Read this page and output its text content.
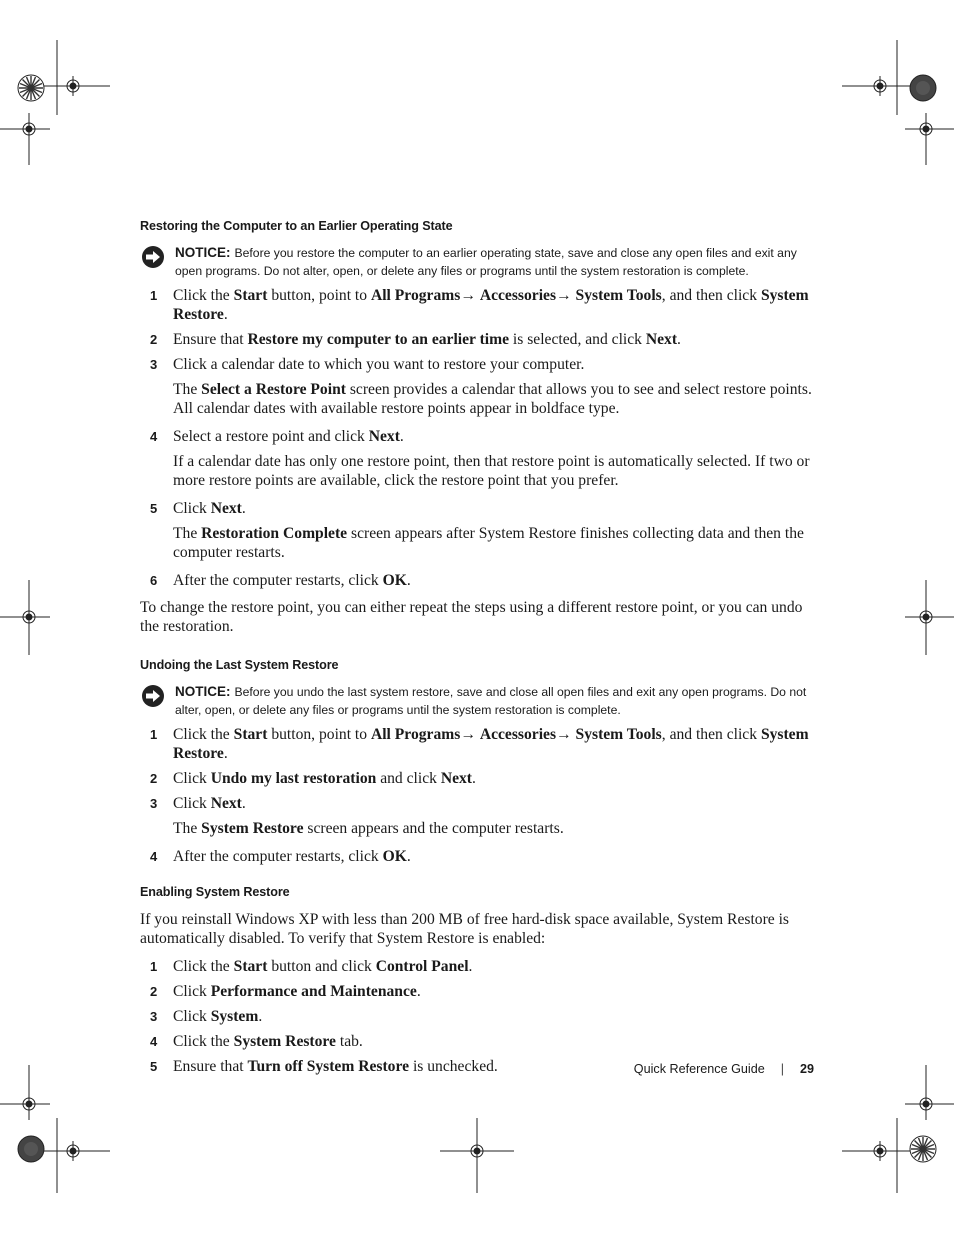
Restoring the Computer to an Earlier Operating State
NOTICE: Before you restore the computer to an earlier operating state, save and close any open files and exit any open programs. Do not alter, open, or delete any files or programs until the system restoration is complete.
1 Click the Start button, point to All Programs→ Accessories→ System Tools, and then click System Restore.
2 Ensure that Restore my computer to an earlier time is selected, and click Next.
3 Click a calendar date to which you want to restore your computer.
The Select a Restore Point screen provides a calendar that allows you to see and select restore points. All calendar dates with available restore points appear in boldface type.
4 Select a restore point and click Next.
If a calendar date has only one restore point, then that restore point is automatically selected. If two or more restore points are available, click the restore point that you prefer.
5 Click Next.
The Restoration Complete screen appears after System Restore finishes collecting data and then the computer restarts.
6 After the computer restarts, click OK.
To change the restore point, you can either repeat the steps using a different restore point, or you can undo the restoration.
Undoing the Last System Restore
NOTICE: Before you undo the last system restore, save and close all open files and exit any open programs. Do not alter, open, or delete any files or programs until the system restoration is complete.
1 Click the Start button, point to All Programs→ Accessories→ System Tools, and then click System Restore.
2 Click Undo my last restoration and click Next.
3 Click Next.
The System Restore screen appears and the computer restarts.
4 After the computer restarts, click OK.
Enabling System Restore
If you reinstall Windows XP with less than 200 MB of free hard-disk space available, System Restore is automatically disabled. To verify that System Restore is enabled:
1 Click the Start button and click Control Panel.
2 Click Performance and Maintenance.
3 Click System.
4 Click the System Restore tab.
5 Ensure that Turn off System Restore is unchecked.	Quick Reference Guide | 29
